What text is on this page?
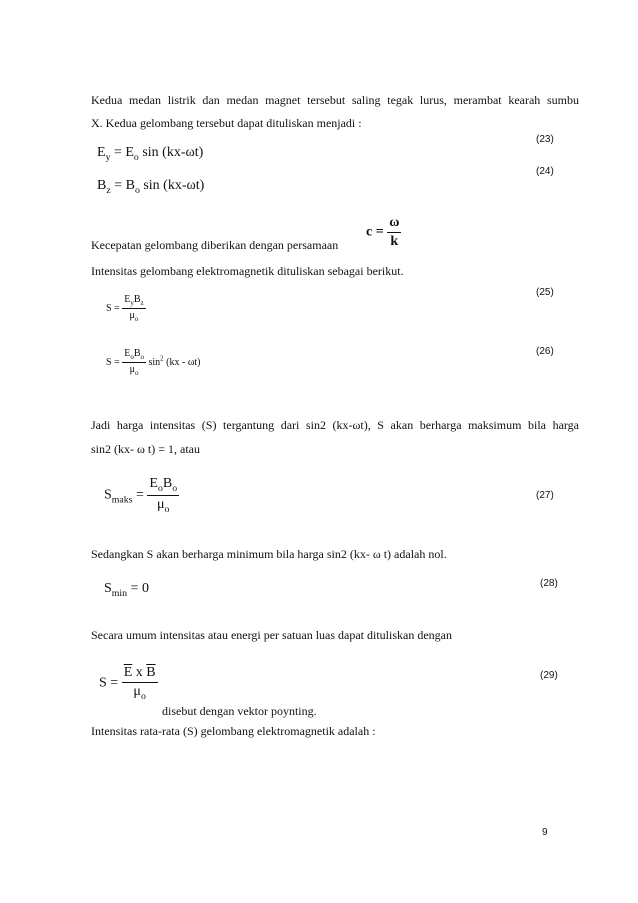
Kedua medan listrik dan medan magnet tersebut saling tegak lurus, merambat kearah sumbu
X. Kedua gelombang tersebut dapat dituliskan menjadi :
(23)
$E_y = E_o$ sin (kx-ωt)
(24)
$B_z = B_o$ sin (kx-ωt)
Kecepatan gelombang diberikan dengan persamaan
$c = \frac{\omega}{k}$
Intensitas gelombang elektromagnetik dituliskan sebagai berikut.
(25)
$S = \frac{E_yB_z}{\mu_o}$
(26)
$S = \frac{E_oB_o}{\mu_o} \sin^2 (kx - \omega t)$
Jadi harga intensitas (S) tergantung dari sin2 (kx-ωt), S akan berharga maksimum bila harga
sin2 (kx- ω t) = 1, atau
(27)
$S_{maks} = \frac{E_oB_o}{\mu_o}$
Sedangkan S akan berharga minimum bila harga sin2 (kx- ω t) adalah nol.
(28)
$S_{min} = 0$
Secara umum intensitas atau energi per satuan luas dapat dituliskan dengan
(29)
$S = \frac{\overline{E} x \overline{B}}{\mu_o}$
disebut dengan vektor poynting.
Intensitas rata-rata (S) gelombang elektromagnetik adalah :
9
